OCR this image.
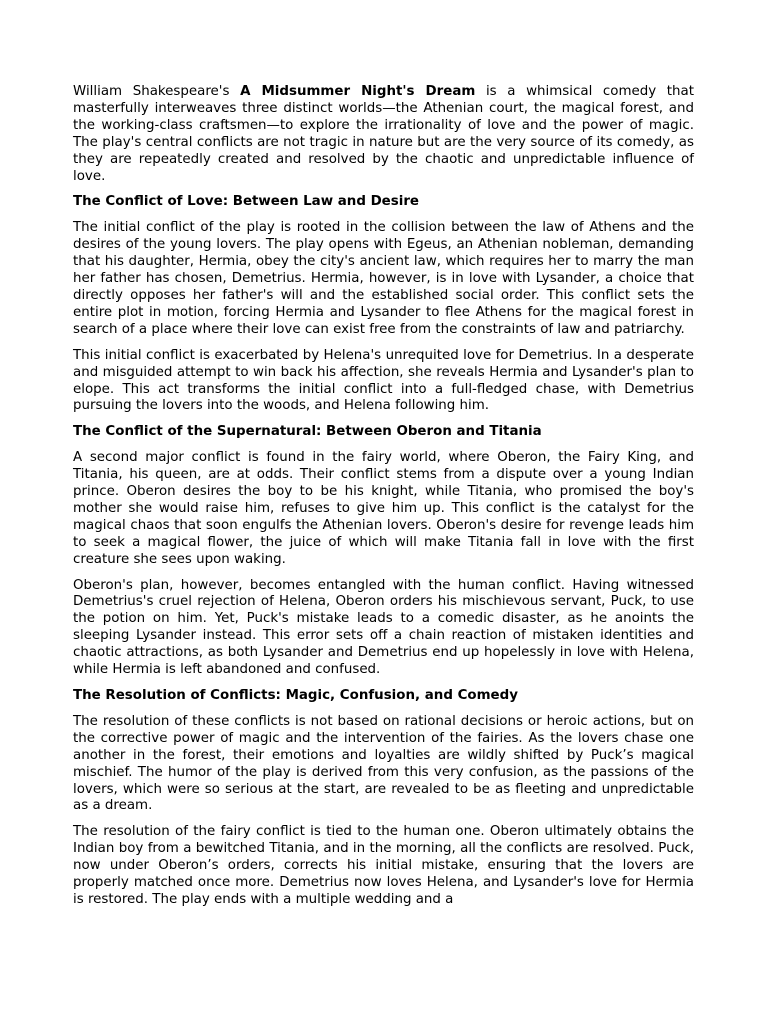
William Shakespeare's A Midsummer Night's Dream is a whimsical comedy that masterfully interweaves three distinct worlds—the Athenian court, the magical forest, and the working-class craftsmen—to explore the irrationality of love and the power of magic. The play's central conflicts are not tragic in nature but are the very source of its comedy, as they are repeatedly created and resolved by the chaotic and unpredictable influence of love.

The Conflict of Love: Between Law and Desire

The initial conflict of the play is rooted in the collision between the law of Athens and the desires of the young lovers. The play opens with Egeus, an Athenian nobleman, demanding that his daughter, Hermia, obey the city's ancient law, which requires her to marry the man her father has chosen, Demetrius. Hermia, however, is in love with Lysander, a choice that directly opposes her father's will and the established social order. This conflict sets the entire plot in motion, forcing Hermia and Lysander to flee Athens for the magical forest in search of a place where their love can exist free from the constraints of law and patriarchy.

This initial conflict is exacerbated by Helena's unrequited love for Demetrius. In a desperate and misguided attempt to win back his affection, she reveals Hermia and Lysander's plan to elope. This act transforms the initial conflict into a full-fledged chase, with Demetrius pursuing the lovers into the woods, and Helena following him.

The Conflict of the Supernatural: Between Oberon and Titania

A second major conflict is found in the fairy world, where Oberon, the Fairy King, and Titania, his queen, are at odds. Their conflict stems from a dispute over a young Indian prince. Oberon desires the boy to be his knight, while Titania, who promised the boy's mother she would raise him, refuses to give him up. This conflict is the catalyst for the magical chaos that soon engulfs the Athenian lovers. Oberon's desire for revenge leads him to seek a magical flower, the juice of which will make Titania fall in love with the first creature she sees upon waking.

Oberon's plan, however, becomes entangled with the human conflict. Having witnessed Demetrius's cruel rejection of Helena, Oberon orders his mischievous servant, Puck, to use the potion on him. Yet, Puck's mistake leads to a comedic disaster, as he anoints the sleeping Lysander instead. This error sets off a chain reaction of mistaken identities and chaotic attractions, as both Lysander and Demetrius end up hopelessly in love with Helena, while Hermia is left abandoned and confused.

The Resolution of Conflicts: Magic, Confusion, and Comedy

The resolution of these conflicts is not based on rational decisions or heroic actions, but on the corrective power of magic and the intervention of the fairies. As the lovers chase one another in the forest, their emotions and loyalties are wildly shifted by Puck’s magical mischief. The humor of the play is derived from this very confusion, as the passions of the lovers, which were so serious at the start, are revealed to be as fleeting and unpredictable as a dream.

The resolution of the fairy conflict is tied to the human one. Oberon ultimately obtains the Indian boy from a bewitched Titania, and in the morning, all the conflicts are resolved. Puck, now under Oberon’s orders, corrects his initial mistake, ensuring that the lovers are properly matched once more. Demetrius now loves Helena, and Lysander's love for Hermia is restored. The play ends with a multiple wedding and a
